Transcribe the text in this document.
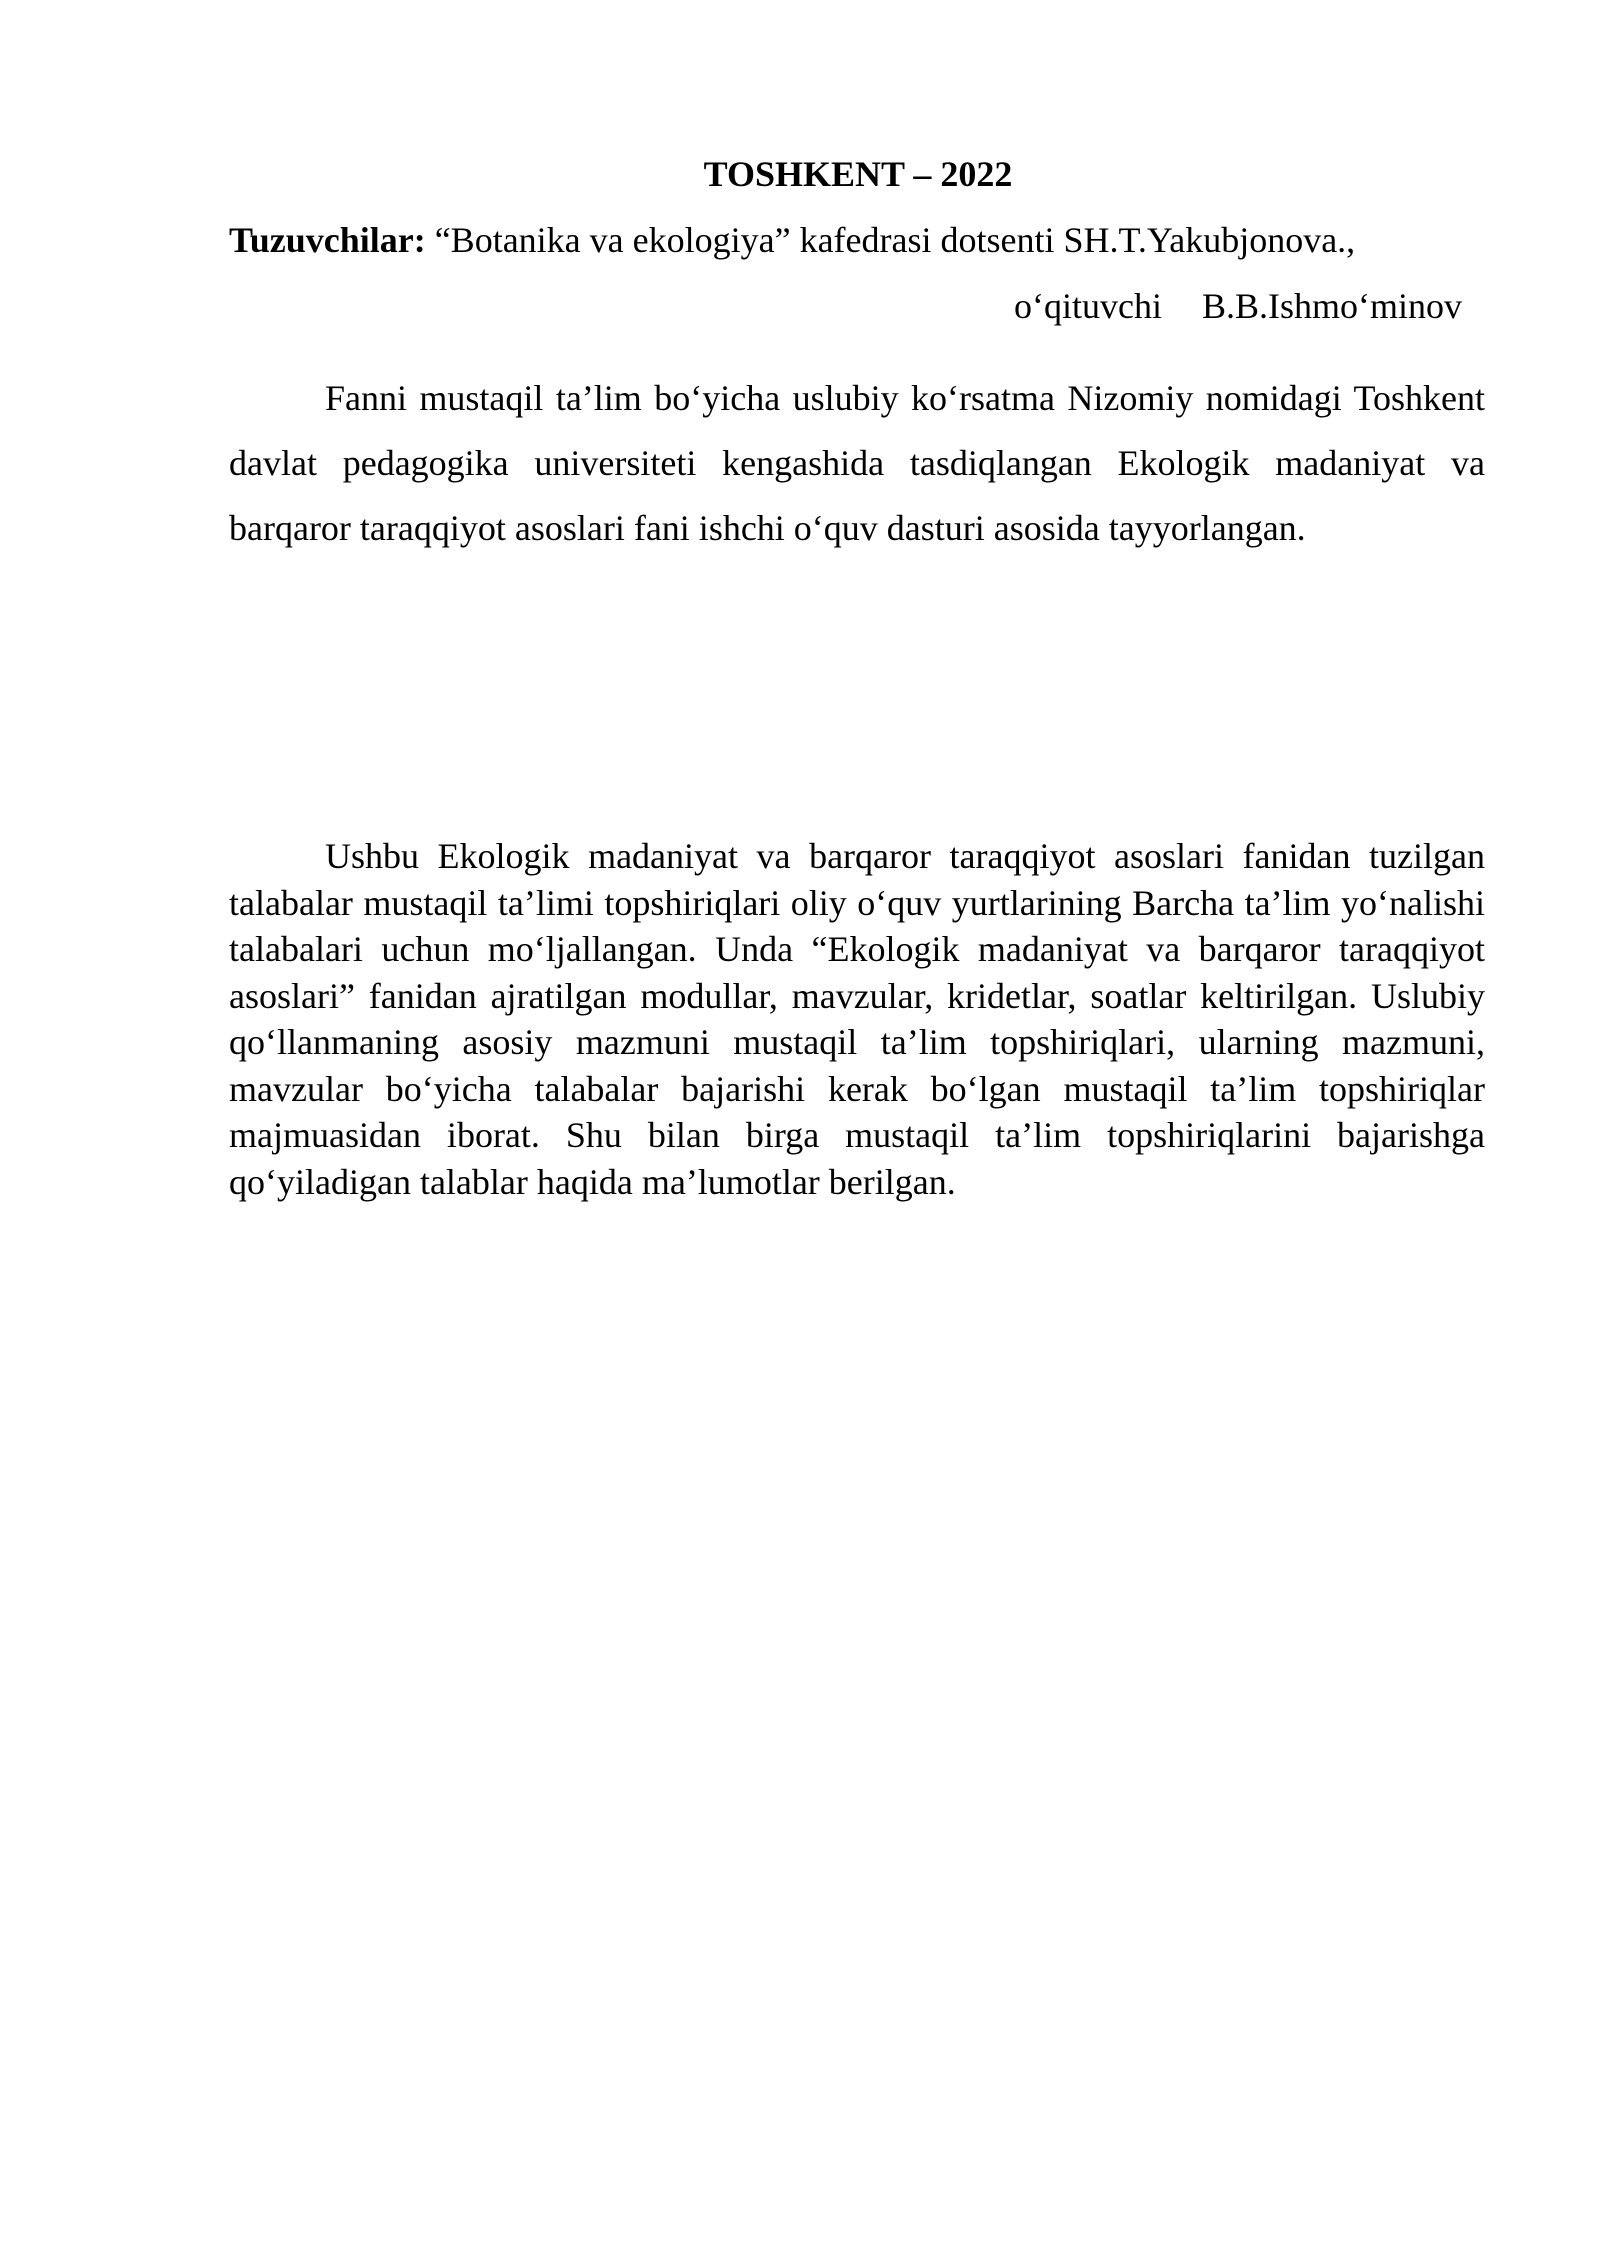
TOSHKENT – 2022
Tuzuvchilar: “Botanika va ekologiya” kafedrasi dotsenti SH.T.Yakubjonova.,
o‘qituvchi B.B.Ishmo‘minov

Fanni mustaqil ta’lim bo‘yicha uslubiy ko‘rsatma Nizomiy nomidagi Toshkent davlat pedagogika universiteti kengashida tasdiqlangan Ekologik madaniyat va barqaror taraqqiyot asoslari fani ishchi o‘quv dasturi asosida tayyorlangan.

Ushbu Ekologik madaniyat va barqaror taraqqiyot asoslari fanidan tuzilgan talabalar mustaqil ta’limi topshiriqlari oliy o‘quv yurtlarining Barcha ta’lim yo‘nalishi talabalari uchun mo‘ljallangan. Unda “Ekologik madaniyat va barqaror taraqqiyot asoslari” fanidan ajratilgan modullar, mavzular, kridetlar, soatlar keltirilgan. Uslubiy qo‘llanmaning asosiy mazmuni mustaqil ta’lim topshiriqlari, ularning mazmuni, mavzular bo‘yicha talabalar bajarishi kerak bo‘lgan mustaqil ta’lim topshiriqlar majmuasidan iborat. Shu bilan birga mustaqil ta’lim topshiriqlarini bajarishga qo‘yiladigan talablar haqida ma’lumotlar berilgan.
